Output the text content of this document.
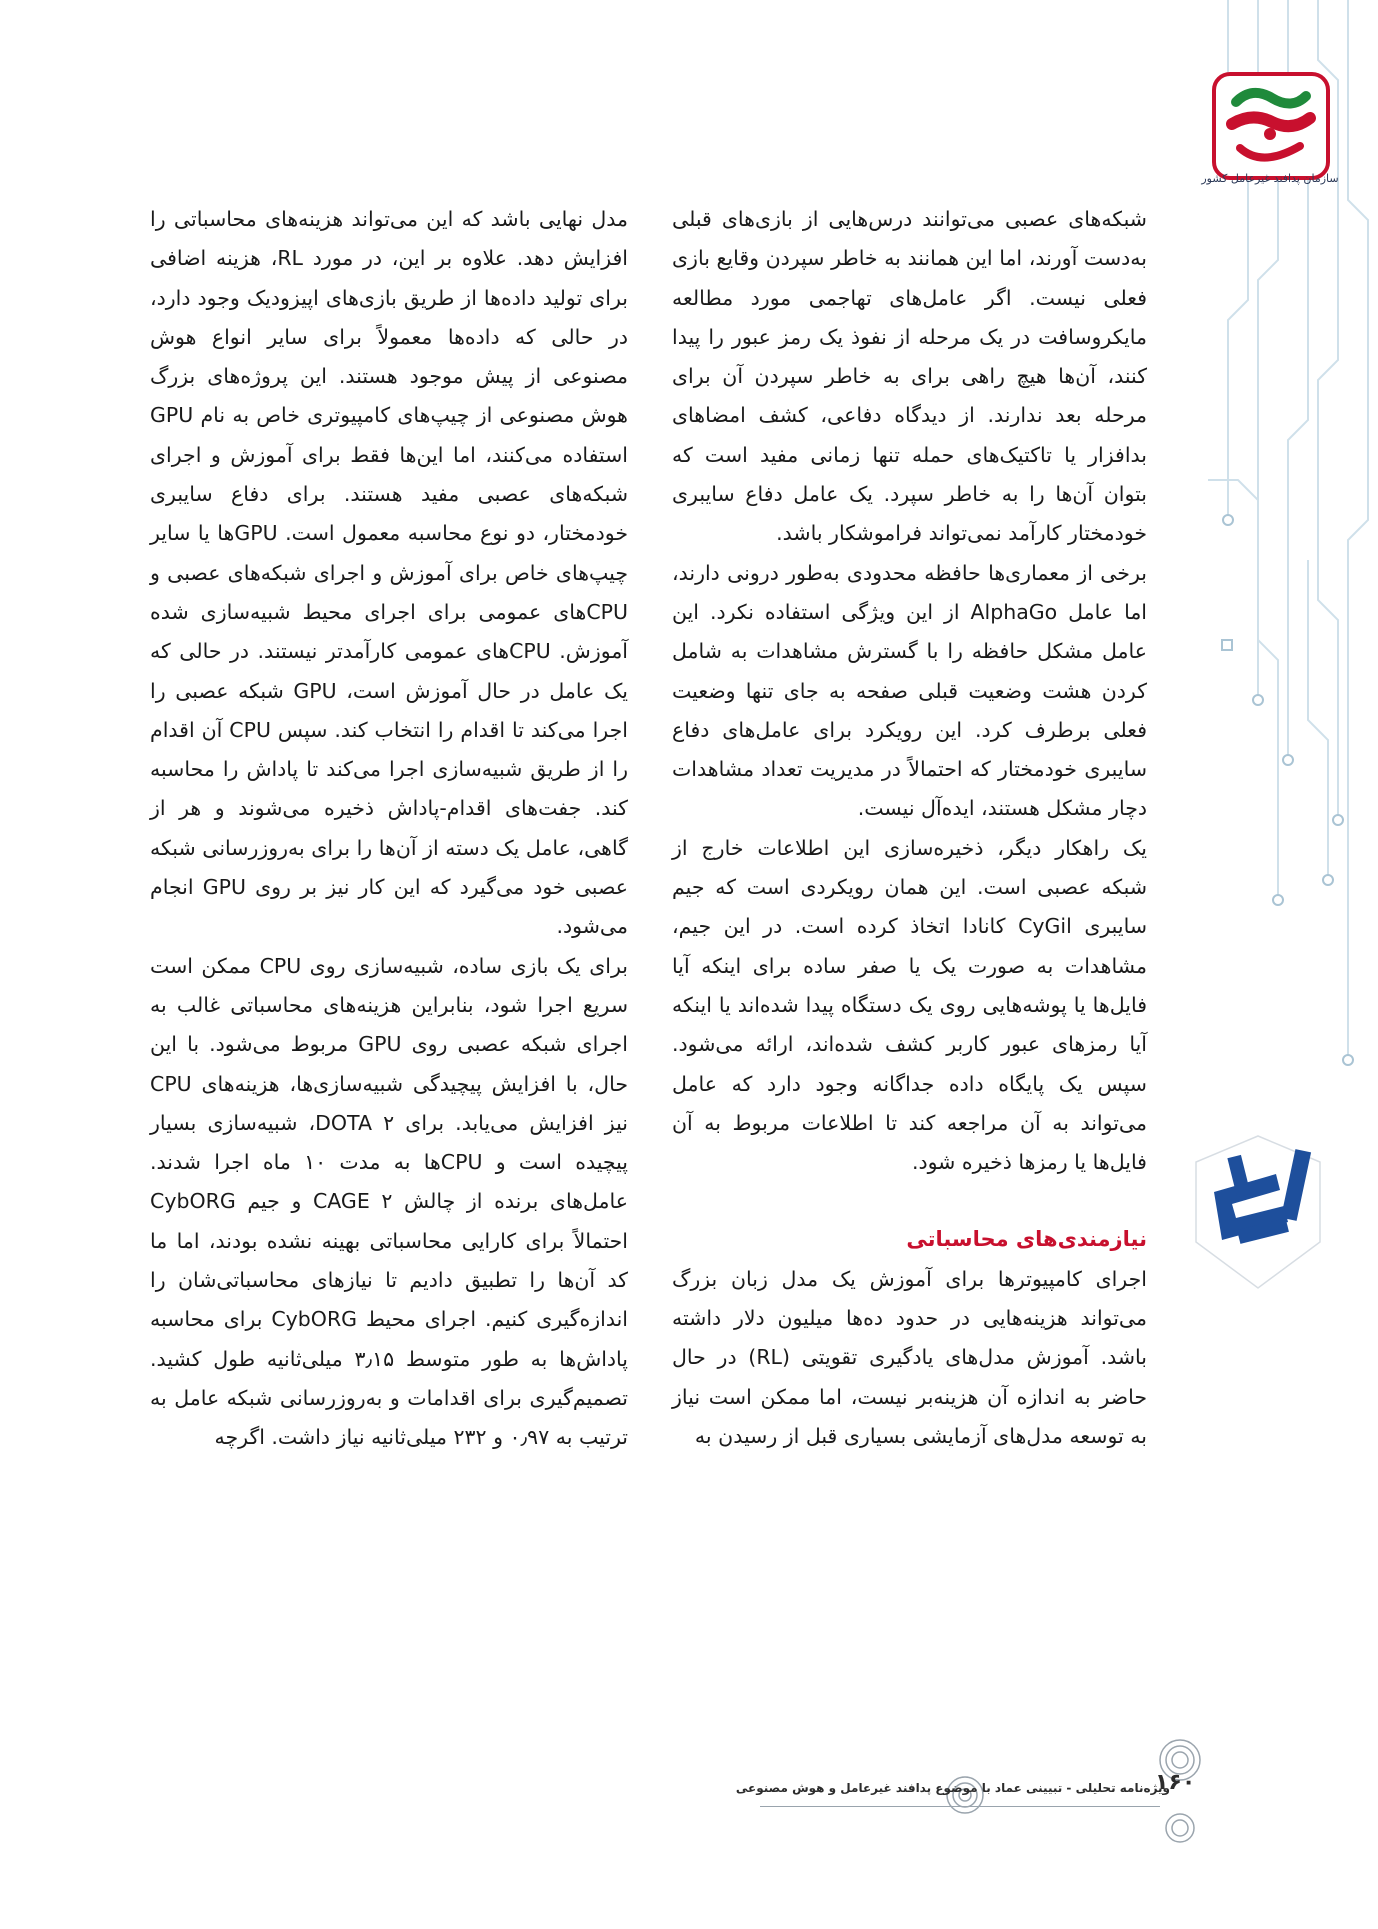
سازمان پدافند غیرعامل کشور

شبکه‌های عصبی می‌توانند درس‌هایی از بازی‌های قبلی به‌دست آورند، اما این همانند به خاطر سپردن وقایع بازی فعلی نیست. اگر عامل‌های تهاجمی مورد مطالعه مایکروسافت در یک مرحله از نفوذ یک رمز عبور را پیدا کنند، آن‌ها هیچ راهی برای به خاطر سپردن آن برای مرحله بعد ندارند. از دیدگاه دفاعی، کشف امضاهای بدافزار یا تاکتیک‌های حمله تنها زمانی مفید است که بتوان آن‌ها را به خاطر سپرد. یک عامل دفاع سایبری خودمختار کارآمد نمی‌تواند فراموشکار باشد.

برخی از معماری‌ها حافظه محدودی به‌طور درونی دارند، اما عامل AlphaGo از این ویژگی استفاده نکرد. این عامل مشکل حافظه را با گسترش مشاهدات به شامل کردن هشت وضعیت قبلی صفحه به جای تنها وضعیت فعلی برطرف کرد. این رویکرد برای عامل‌های دفاع سایبری خودمختار که احتمالاً در مدیریت تعداد مشاهدات دچار مشکل هستند، ایده‌آل نیست.

یک راهکار دیگر، ذخیره‌سازی این اطلاعات خارج از شبکه عصبی است. این همان رویکردی است که جیم سایبری CyGil کانادا اتخاذ کرده است. در این جیم، مشاهدات به صورت یک یا صفر ساده برای اینکه آیا فایل‌ها یا پوشه‌هایی روی یک دستگاه پیدا شده‌اند یا اینکه آیا رمزهای عبور کاربر کشف شده‌اند، ارائه می‌شود. سپس یک پایگاه داده جداگانه وجود دارد که عامل می‌تواند به آن مراجعه کند تا اطلاعات مربوط به آن فایل‌ها یا رمزها ذخیره شود.

نیازمندی‌های محاسباتی

اجرای کامپیوترها برای آموزش یک مدل زبان بزرگ می‌تواند هزینه‌هایی در حدود ده‌ها میلیون دلار داشته باشد. آموزش مدل‌های یادگیری تقویتی (RL) در حال حاضر به اندازه آن هزینه‌بر نیست، اما ممکن است نیاز به توسعه مدل‌های آزمایشی بسیاری قبل از رسیدن به

مدل نهایی باشد که این می‌تواند هزینه‌های محاسباتی را افزایش دهد. علاوه بر این، در مورد RL، هزینه اضافی برای تولید داده‌ها از طریق بازی‌های اپیزودیک وجود دارد، در حالی که داده‌ها معمولاً برای سایر انواع هوش مصنوعی از پیش موجود هستند. این پروژه‌های بزرگ هوش مصنوعی از چیپ‌های کامپیوتری خاص به نام GPU استفاده می‌کنند، اما این‌ها فقط برای آموزش و اجرای شبکه‌های عصبی مفید هستند. برای دفاع سایبری خودمختار، دو نوع محاسبه معمول است. GPUها یا سایر چیپ‌های خاص برای آموزش و اجرای شبکه‌های عصبی و CPUهای عمومی برای اجرای محیط شبیه‌سازی شده آموزش. CPUهای عمومی کارآمدتر نیستند. در حالی که یک عامل در حال آموزش است، GPU شبکه عصبی را اجرا می‌کند تا اقدام را انتخاب کند. سپس CPU آن اقدام را از طریق شبیه‌سازی اجرا می‌کند تا پاداش را محاسبه کند. جفت‌های اقدام-پاداش ذخیره می‌شوند و هر از گاهی، عامل یک دسته از آن‌ها را برای به‌روزرسانی شبکه عصبی خود می‌گیرد که این کار نیز بر روی GPU انجام می‌شود.

برای یک بازی ساده، شبیه‌سازی روی CPU ممکن است سریع اجرا شود، بنابراین هزینه‌های محاسباتی غالب به اجرای شبکه عصبی روی GPU مربوط می‌شود. با این حال، با افزایش پیچیدگی شبیه‌سازی‌ها، هزینه‌های CPU نیز افزایش می‌یابد. برای DOTA ۲، شبیه‌سازی بسیار پیچیده است و CPUها به مدت ۱۰ ماه اجرا شدند. عامل‌های برنده از چالش CAGE ۲ و جیم CybORG احتمالاً برای کارایی محاسباتی بهینه نشده بودند، اما ما کد آن‌ها را تطبیق دادیم تا نیازهای محاسباتی‌شان را اندازه‌گیری کنیم. اجرای محیط CybORG برای محاسبه پاداش‌ها به طور متوسط ۳٫۱۵ میلی‌ثانیه طول کشید. تصمیم‌گیری برای اقدامات و به‌روزرسانی شبکه عامل به ترتیب به ۰٫۹۷ و ۲۳۲ میلی‌ثانیه نیاز داشت. اگرچه

ویژه‌نامه تحلیلی - تبیینی عماد با موضوع پدافند غیرعامل و هوش مصنوعی
۱۶۰
